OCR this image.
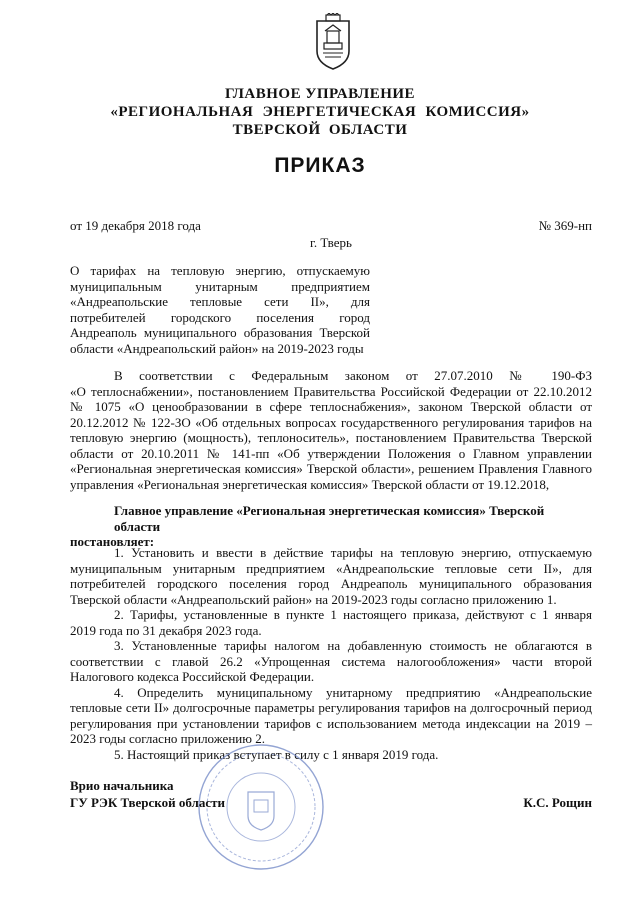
ГЛАВНОЕ УПРАВЛЕНИЕ
«РЕГИОНАЛЬНАЯ ЭНЕРГЕТИЧЕСКАЯ КОМИССИЯ»
ТВЕРСКОЙ ОБЛАСТИ
ПРИКАЗ
от 19 декабря 2018 года	№ 369-нп
г. Тверь
О тарифах на тепловую энергию, отпускаемую
муниципальным унитарным предприятием
«Андреапольские тепловые сети II», для
потребителей городского поселения город
Андреаполь муниципального образования Тверской
области «Андреапольский район» на 2019-2023 годы
В соответствии с Федеральным законом от 27.07.2010 № 190-ФЗ
«О теплоснабжении», постановлением Правительства Российской Федерации от 22.10.2012
№ 1075 «О ценообразовании в сфере теплоснабжения», законом Тверской области от
20.12.2012 № 122-ЗО «Об отдельных вопросах государственного регулирования тарифов на
тепловую энергию (мощность), теплоноситель», постановлением Правительства Тверской
области от 20.10.2011 № 141-пп «Об утверждении Положения о Главном управлении
«Региональная энергетическая комиссия» Тверской области», решением Правления Главного
управления «Региональная энергетическая комиссия» Тверской области от 19.12.2018,
Главное управление «Региональная энергетическая комиссия» Тверской области
постановляет:
1. Установить и ввести в действие тарифы на тепловую энергию, отпускаемую
муниципальным унитарным предприятием «Андреапольские тепловые сети II», для
потребителей городского поселения город Андреаполь муниципального образования
Тверской области «Андреапольский район» на 2019-2023 годы согласно приложению 1.
2. Тарифы, установленные в пункте 1 настоящего приказа, действуют с 1 января
2019 года по 31 декабря 2023 года.
3. Установленные тарифы налогом на добавленную стоимость не облагаются в
соответствии с главой 26.2 «Упрощенная система налогообложения» части второй
Налогового кодекса Российской Федерации.
4. Определить муниципальному унитарному предприятию «Андреапольские
тепловые сети II» долгосрочные параметры регулирования тарифов на долгосрочный период
регулирования при установлении тарифов с использованием метода индексации на 2019 –
2023 годы согласно приложению 2.
5. Настоящий приказ вступает в силу с 1 января 2019 года.
Врио начальника
ГУ РЭК Тверской области	К.С. Рощин
